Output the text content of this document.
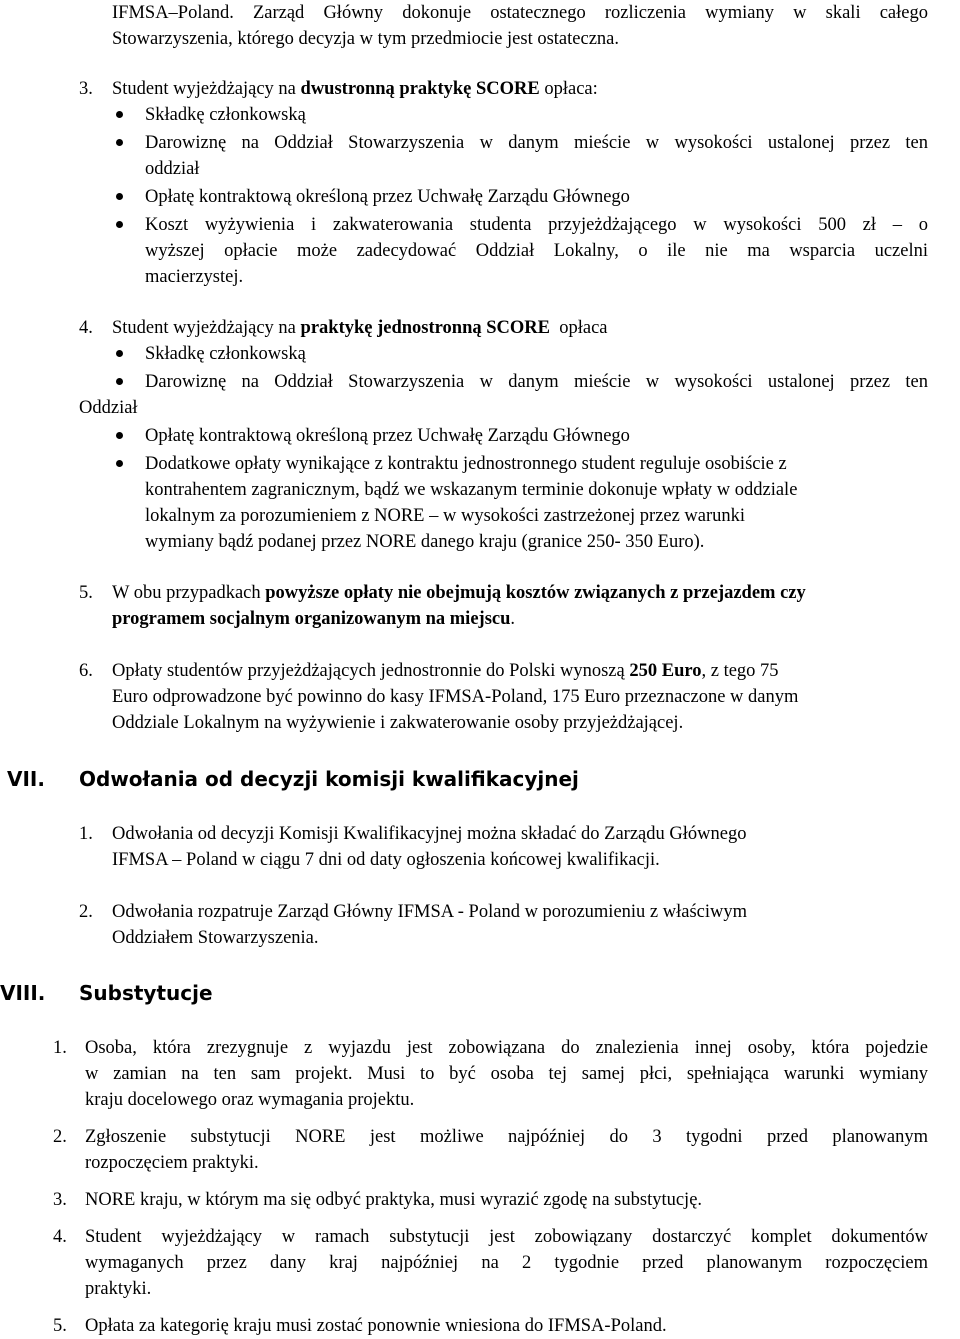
IFMSA–Poland. Zarząd Główny dokonuje ostatecznego rozliczenia wymiany w skali całego
Stowarzyszenia, którego decyzja w tym przedmiocie jest ostateczna.
3. Student wyjeżdżający na dwustronną praktykę SCORE opłaca:
Składkę członkowską
Darowiznę na Oddział Stowarzyszenia w danym mieście w wysokości ustalonej przez ten
oddział
Opłatę kontraktową określoną przez Uchwałę Zarządu Głównego
Koszt wyżywienia i zakwaterowania studenta przyjeżdżającego w wysokości 500 zł – o
wyższej opłacie może zadecydować Oddział Lokalny, o ile nie ma wsparcia uczelni
macierzystej.
4. Student wyjeżdżający na praktykę jednostronną SCORE  opłaca
Składkę członkowską
Darowiznę na Oddział Stowarzyszenia w danym mieście w wysokości ustalonej przez ten
Oddział
Opłatę kontraktową określoną przez Uchwałę Zarządu Głównego
Dodatkowe opłaty wynikające z kontraktu jednostronnego student reguluje osobiście z
kontrahentem zagranicznym, bądź we wskazanym terminie dokonuje wpłaty w oddziale
lokalnym za porozumieniem z NORE – w wysokości zastrzeżonej przez warunki
wymiany bądź podanej przez NORE danego kraju (granice 250- 350 Euro).
5. W obu przypadkach powyższe opłaty nie obejmują kosztów związanych z przejazdem czy
programem socjalnym organizowanym na miejscu.
6. Opłaty studentów przyjeżdżających jednostronnie do Polski wynoszą 250 Euro, z tego 75
Euro odprowadzone być powinno do kasy IFMSA-Poland, 175 Euro przeznaczone w danym
Oddziale Lokalnym na wyżywienie i zakwaterowanie osoby przyjeżdżającej.
VII. Odwołania od decyzji komisji kwalifikacyjnej
1. Odwołania od decyzji Komisji Kwalifikacyjnej można składać do Zarządu Głównego
IFMSA – Poland w ciągu 7 dni od daty ogłoszenia końcowej kwalifikacji.
2. Odwołania rozpatruje Zarząd Główny IFMSA - Poland w porozumieniu z właściwym
Oddziałem Stowarzyszenia.
VIII. Substytucje
1. Osoba, która zrezygnuje z wyjazdu jest zobowiązana do znalezienia innej osoby, która pojedzie
w zamian na ten sam projekt. Musi to być osoba tej samej płci, spełniająca warunki wymiany
kraju docelowego oraz wymagania projektu.
2. Zgłoszenie substytucji NORE jest możliwe najpóźniej do 3 tygodni przed planowanym
rozpoczęciem praktyki.
3. NORE kraju, w którym ma się odbyć praktyka, musi wyrazić zgodę na substytucję.
4. Student wyjeżdżający w ramach substytucji jest zobowiązany dostarczyć komplet dokumentów
wymaganych przez dany kraj najpóźniej na 2 tygodnie przed planowanym rozpoczęciem
praktyki.
5. Opłata za kategorię kraju musi zostać ponownie wniesiona do IFMSA-Poland.
